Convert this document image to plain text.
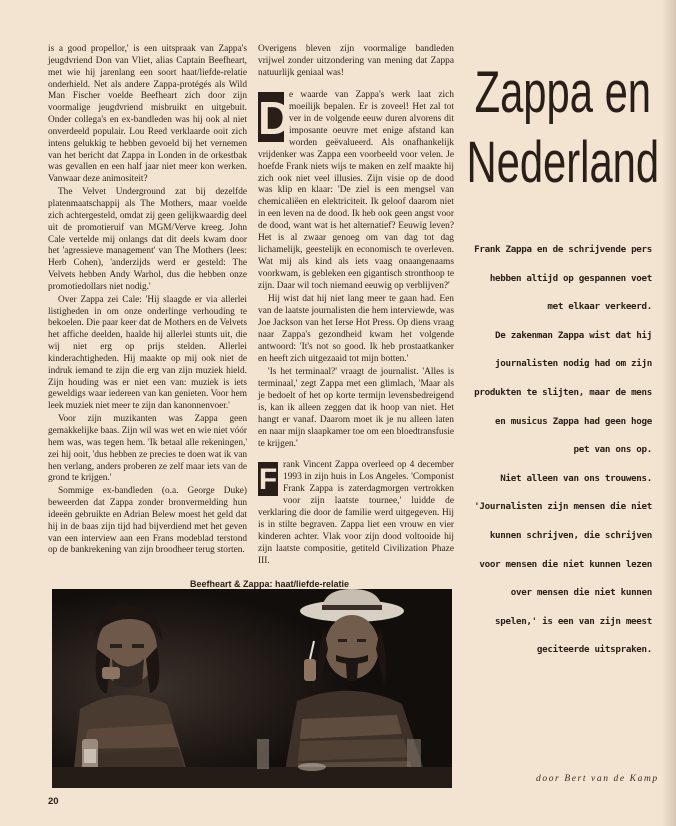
is a good propellor,' is een uitspraak van Zappa's jeugdvriend Don van Vliet, alias Captain Beefheart, met wie hij jarenlang een soort haat/liefde-relatie onderhield. Net als andere Zappa-protégés als Wild Man Fischer voelde Beefheart zich door zijn voormalige jeugdvriend misbruikt en uitgebuit. Onder collega's en ex-bandleden was hij ook al niet onverdeeld populair. Lou Reed verklaarde ooit zich intens gelukkig te hebben gevoeld bij het vernemen van het bericht dat Zappa in Londen in de orkestbak was gevallen en een half jaar niet meer kon werken. Vanwaar deze animositeit?

The Velvet Underground zat bij dezelfde platenmaatschappij als The Mothers, maar voelde zich achtergesteld, omdat zij geen gelijkwaardig deel uit de promotieruif van MGM/Verve kreeg. John Cale vertelde mij onlangs dat dit deels kwam door het 'agressieve management' van The Mothers (lees: Herb Cohen), 'anderzijds werd er gesteld: The Velvets hebben Andy Warhol, dus die hebben onze promotiedollars niet nodig.'

Over Zappa zei Cale: 'Hij slaagde er via allerlei listigheden in om onze onderlinge verhouding te bekoelen. Die paar keer dat de Mothers en de Velvets het affiche deelden, haalde hij allerlei stunts uit, die wij niet erg op prijs stelden. Allerlei kinderachtigheden. Hij maakte op mij ook niet de indruk iemand te zijn die erg van zijn muziek hield. Zijn houding was er niet een van: muziek is iets geweldigs waar iedereen van kan genieten. Voor hem leek muziek niet meer te zijn dan kanonnenvoer.'

Voor zijn muzikanten was Zappa geen gemakkelijke baas. Zijn wil was wet en wie niet vóór hem was, was tegen hem. 'Ik betaal alle rekeningen,' zei hij ooit, 'dus hebben ze precies te doen wat ik van hen verlang, anders proberen ze zelf maar iets van de grond te krijgen.'

Sommige ex-bandleden (o.a. George Duke) beweerden dat Zappa zonder bronvermelding hun ideeën gebruikte en Adrian Belew moest het geld dat hij in de baas zijn tijd had bijverdiend met het geven van een interview aan een Frans modeblad terstond op de bankrekening van zijn broodheer terug storten.

Overigens bleven zijn voormalige bandleden vrijwel zonder uitzondering van mening dat Zappa natuurlijk geniaal was!

D
e waarde van Zappa's werk laat zich moeilijk bepalen. Er is zoveel! Het zal tot ver in de volgende eeuw duren alvorens dit imposante oeuvre met enige afstand kan worden geëvalueerd. Als onafhankelijk vrijdenker was Zappa een voorbeeld voor velen. Je hoefde Frank niets wijs te maken en zelf maakte hij zich ook niet veel illusies. Zijn visie op de dood was klip en klaar: 'De ziel is een mengsel van chemicaliëen en elektriciteit. Ik geloof daarom niet in een leven na de dood. Ik heb ook geen angst voor de dood, want wat is het alternatief? Eeuwig leven? Het is al zwaar genoeg om van dag tot dag lichamelijk, geestelijk en economisch te overleven. Wat mij als kind als iets vaag onaangenaams voorkwam, is gebleken een gigantisch stronthoop te zijn. Daar wil toch niemand eeuwig op verblijven?'

Hij wist dat hij niet lang meer te gaan had. Een van de laatste journalisten die hem interviewde, was Joe Jackson van het Ierse Hot Press. Op diens vraag naar Zappa's gezondheid kwam het volgende antwoord: 'It's not so good. Ik heb prostaatkanker en heeft zich uitgezaaid tot mijn botten.'

'Is het terminaal?' vraagt de journalist. 'Alles is terminaal,' zegt Zappa met een glimlach, 'Maar als je bedoelt of het op korte termijn levensbedreigend is, kan ik alleen zeggen dat ik hoop van niet. Het hangt er vanaf. Daarom moet ik je nu alleen laten en naar mijn slaapkamer toe om een bloedtransfusie te krijgen.'

F rank Vincent Zappa overleed op 4 december 1993 in zijn huis in Los Angeles. 'Componist Frank Zappa is zaterdagmorgen vertrokken voor zijn laatste tournee,' luidde de verklaring die door de familie werd uitgegeven. Hij is in stilte begraven. Zappa liet een vrouw en vier kinderen achter. Vlak voor zijn dood voltooide hij zijn laatste compositie, getiteld Civilization Phaze III.

Zappa en
Nederland
Frank Zappa en de schrijvende pers
hebben altijd op gespannen voet
met elkaar verkeerd.
De zakenman Zappa wist dat hij
journalisten nodig had om zijn
produkten te slijten, maar de mens
en musicus Zappa had geen hoge
pet van ons op.
Niet alleen van ons trouwens.
'Journalisten zijn mensen die niet
kunnen schrijven, die schrijven
voor mensen die niet kunnen lezen
over mensen die niet kunnen
spelen,' is een van zijn meest
geciteerde uitspraken.
Beefheart & Zappa: haat/liefde-relatie
door Bert van de Kamp
20
